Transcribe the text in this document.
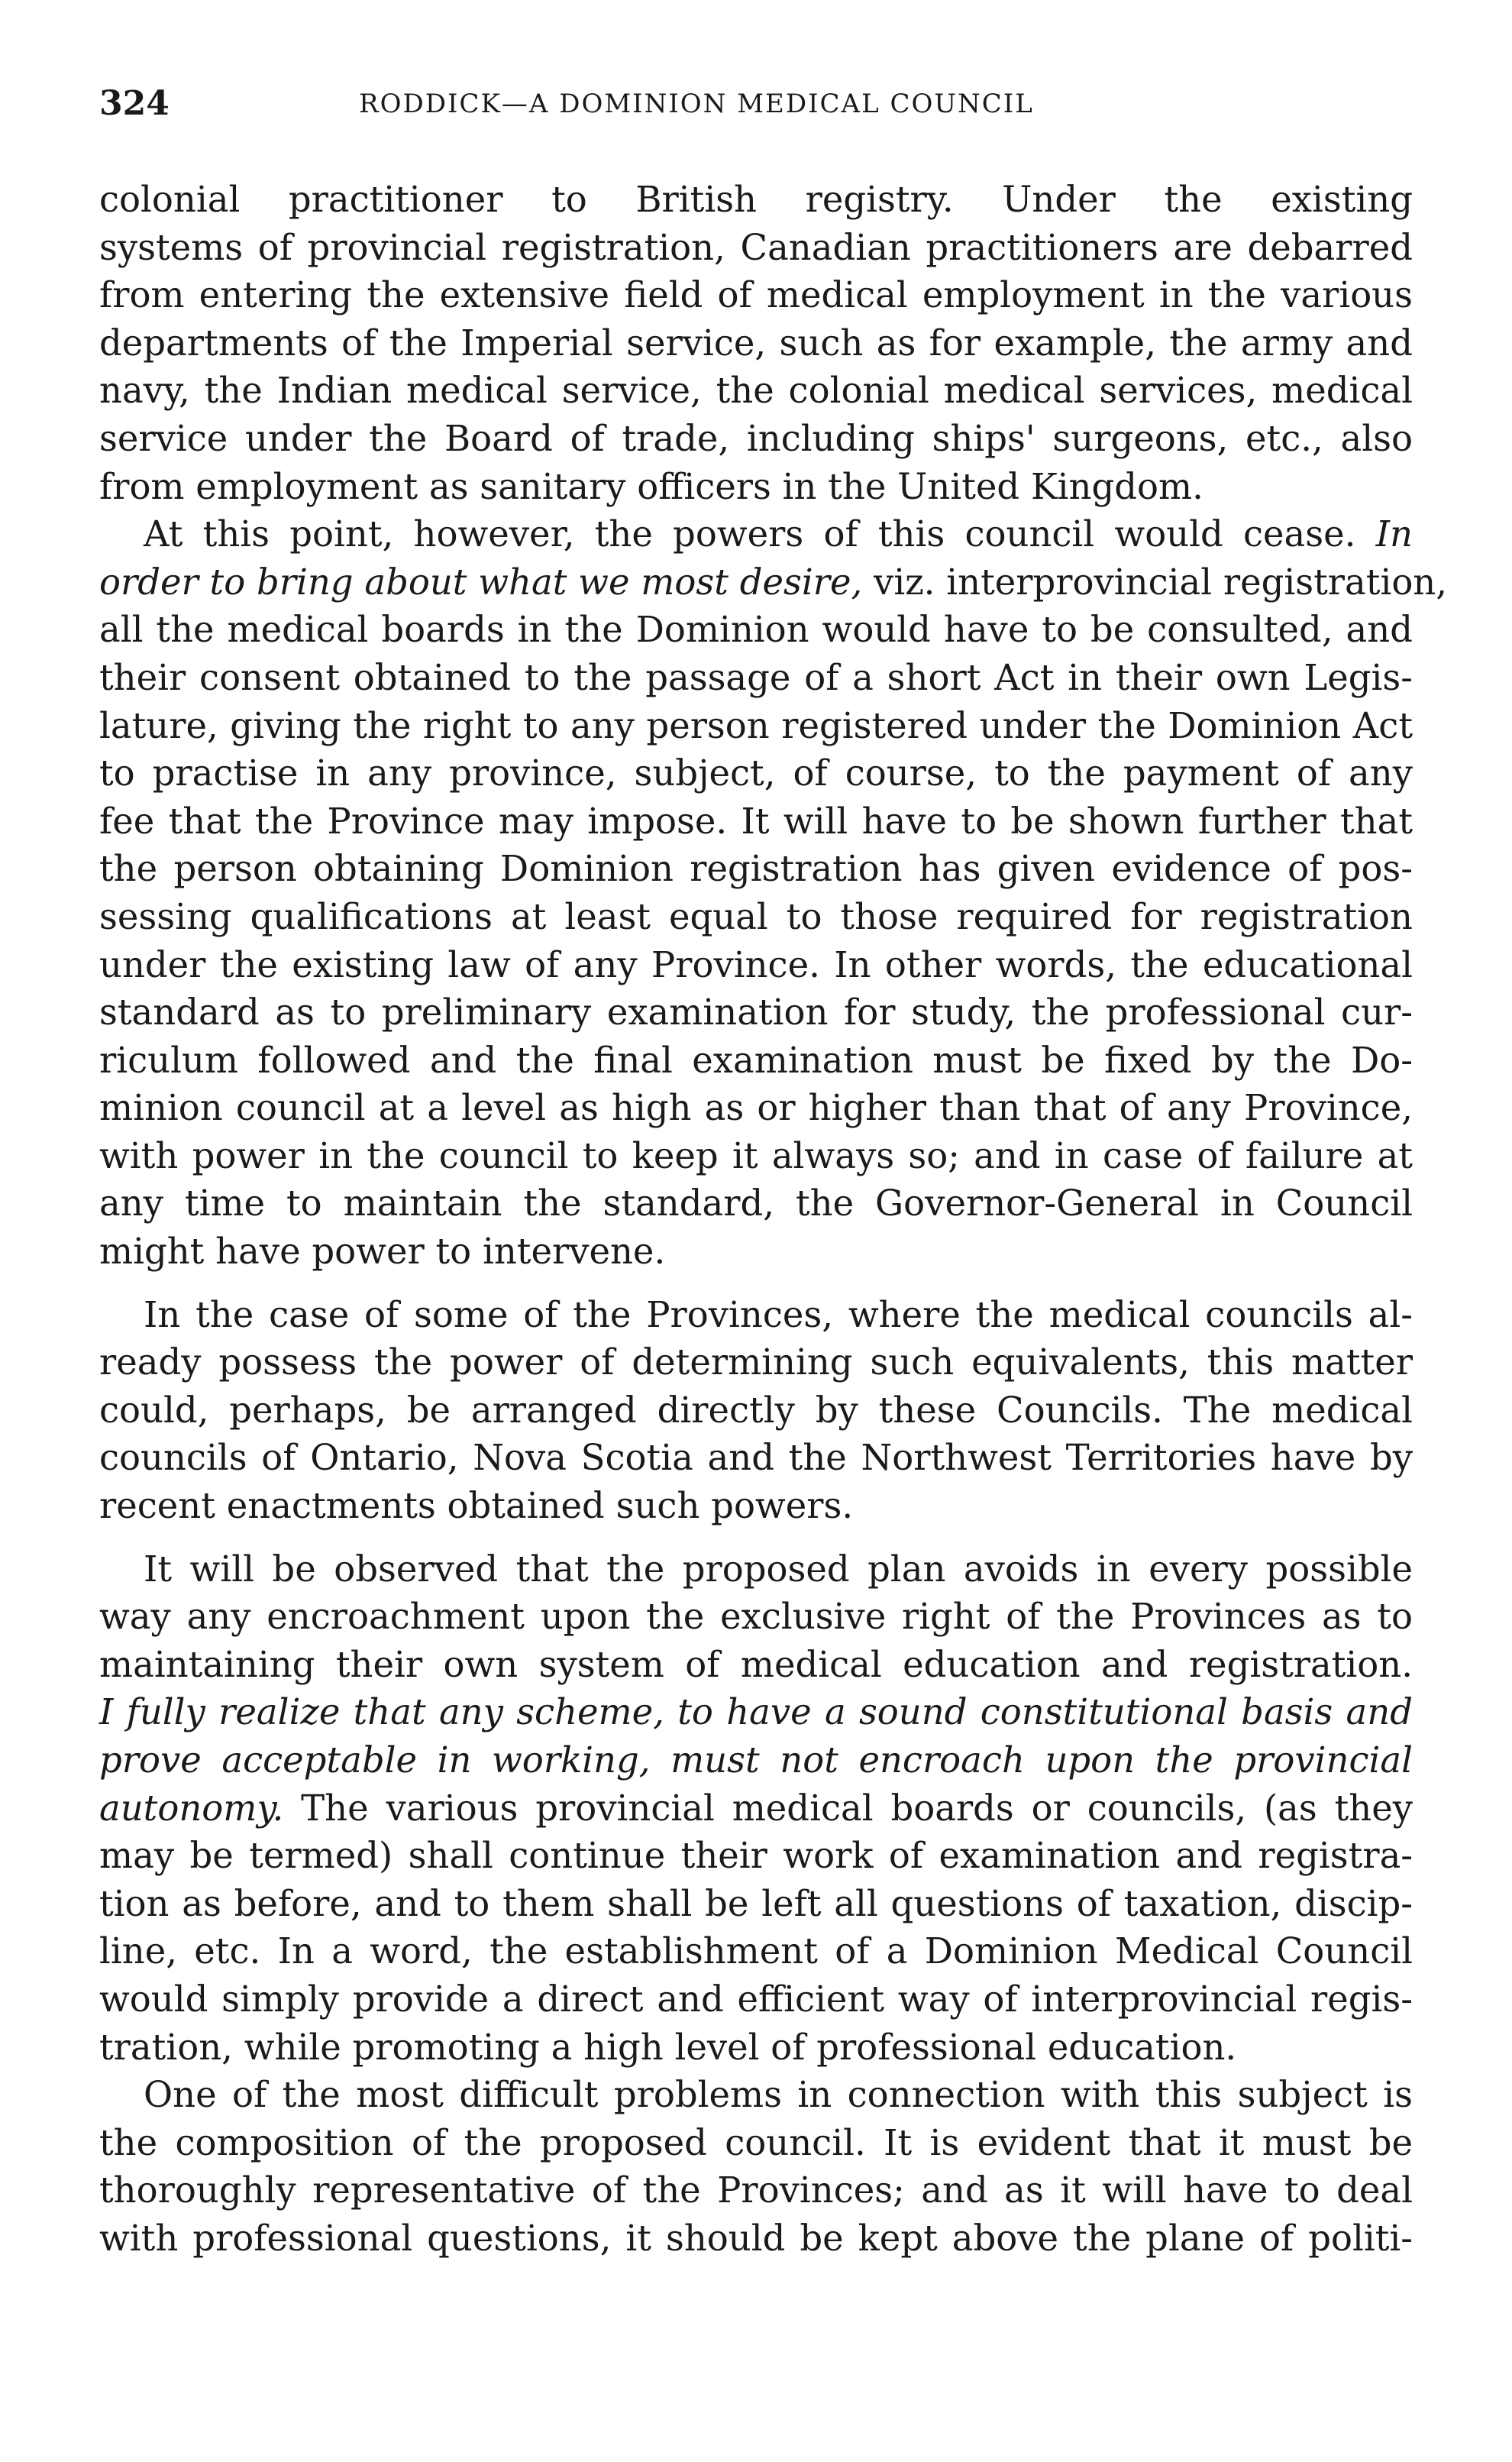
324	RODDICK—A DOMINION MEDICAL COUNCIL
colonial practitioner to British registry. Under the existing
systems of provincial registration, Canadian practitioners are debarred
from entering the extensive field of medical employment in the various
departments of the Imperial service, such as for example, the army and
navy, the Indian medical service, the colonial medical services, medical
service under the Board of trade, including ships' surgeons, etc., also
from employment as sanitary officers in the United Kingdom.
At this point, however, the powers of this council would cease. In
order to bring about what we most desire, viz. interprovincial registration,
all the medical boards in the Dominion would have to be consulted, and
their consent obtained to the passage of a short Act in their own Legis-
lature, giving the right to any person registered under the Dominion Act
to practise in any province, subject, of course, to the payment of any
fee that the Province may impose. It will have to be shown further that
the person obtaining Dominion registration has given evidence of pos-
sessing qualifications at least equal to those required for registration
under the existing law of any Province. In other words, the educational
standard as to preliminary examination for study, the professional cur-
riculum followed and the final examination must be fixed by the Do-
minion council at a level as high as or higher than that of any Province,
with power in the council to keep it always so; and in case of failure at
any time to maintain the standard, the Governor-General in Council
might have power to intervene.
In the case of some of the Provinces, where the medical councils al-
ready possess the power of determining such equivalents, this matter
could, perhaps, be arranged directly by these Councils. The medical
councils of Ontario, Nova Scotia and the Northwest Territories have by
recent enactments obtained such powers.
It will be observed that the proposed plan avoids in every possible
way any encroachment upon the exclusive right of the Provinces as to
maintaining their own system of medical education and registration.
I fully realize that any scheme, to have a sound constitutional basis and
prove acceptable in working, must not encroach upon the provincial
autonomy. The various provincial medical boards or councils, (as they
may be termed) shall continue their work of examination and registra-
tion as before, and to them shall be left all questions of taxation, discip-
line, etc. In a word, the establishment of a Dominion Medical Council
would simply provide a direct and efficient way of interprovincial regis-
tration, while promoting a high level of professional education.
One of the most difficult problems in connection with this subject is
the composition of the proposed council. It is evident that it must be
thoroughly representative of the Provinces; and as it will have to deal
with professional questions, it should be kept above the plane of politi-
